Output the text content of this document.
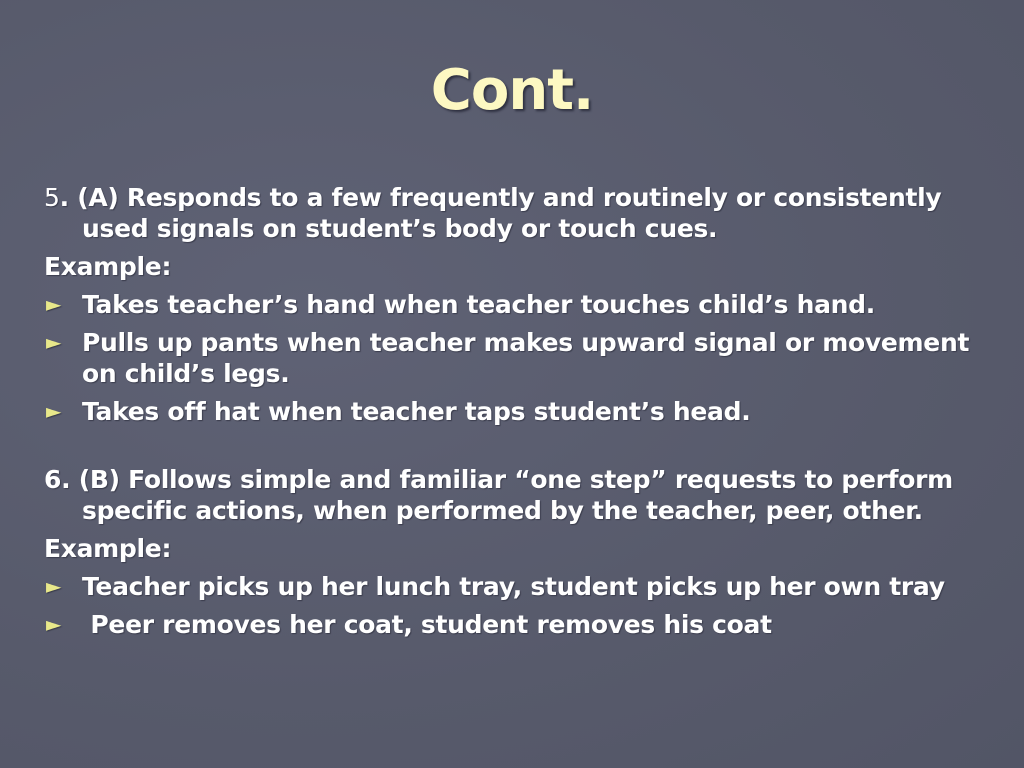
Cont.
5. (A) Responds to a few frequently and routinely or consistently used signals on student’s body or touch cues.
Example:
► Takes teacher’s hand when teacher touches child’s hand.
► Pulls up pants when teacher makes upward signal or movement on child’s legs.
► Takes off hat when teacher taps student’s head.
6. (B) Follows simple and familiar “one step” requests to perform specific actions, when performed by the teacher, peer, other.
Example:
► Teacher picks up her lunch tray, student picks up her own tray
► Peer removes her coat, student removes his coat
